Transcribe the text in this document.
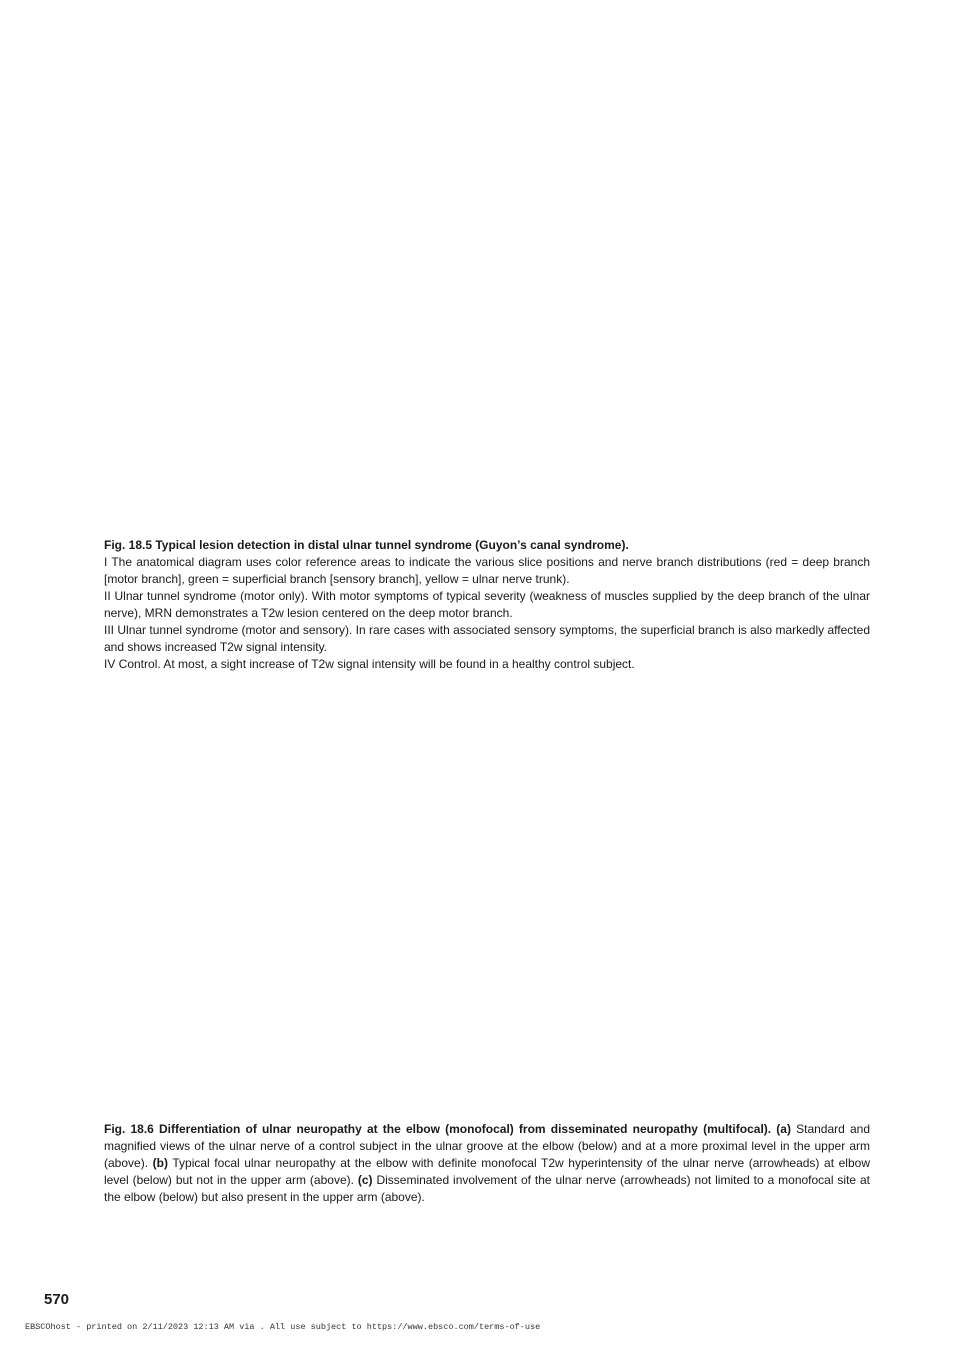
Fig. 18.5 Typical lesion detection in distal ulnar tunnel syndrome (Guyon’s canal syndrome).

I The anatomical diagram uses color reference areas to indicate the various slice positions and nerve branch distributions (red = deep branch [motor branch], green = superficial branch [sensory branch], yellow = ulnar nerve trunk).

II Ulnar tunnel syndrome (motor only). With motor symptoms of typical severity (weakness of muscles supplied by the deep branch of the ulnar nerve), MRN demonstrates a T2w lesion centered on the deep motor branch.

III Ulnar tunnel syndrome (motor and sensory). In rare cases with associated sensory symptoms, the superficial branch is also markedly affected and shows increased T2w signal intensity.

IV Control. At most, a sight increase of T2w signal intensity will be found in a healthy control subject.

Fig. 18.6 Differentiation of ulnar neuropathy at the elbow (monofocal) from disseminated neuropathy (multifocal). (a) Standard and magnified views of the ulnar nerve of a control subject in the ulnar groove at the elbow (below) and at a more proximal level in the upper arm (above). (b) Typical focal ulnar neuropathy at the elbow with definite monofocal T2w hyperintensity of the ulnar nerve (arrowheads) at elbow level (below) but not in the upper arm (above). (c) Disseminated involvement of the ulnar nerve (arrowheads) not limited to a monofocal site at the elbow (below) but also present in the upper arm (above).

570
EBSCOhost - printed on 2/11/2023 12:13 AM via . All use subject to https://www.ebsco.com/terms-of-use
